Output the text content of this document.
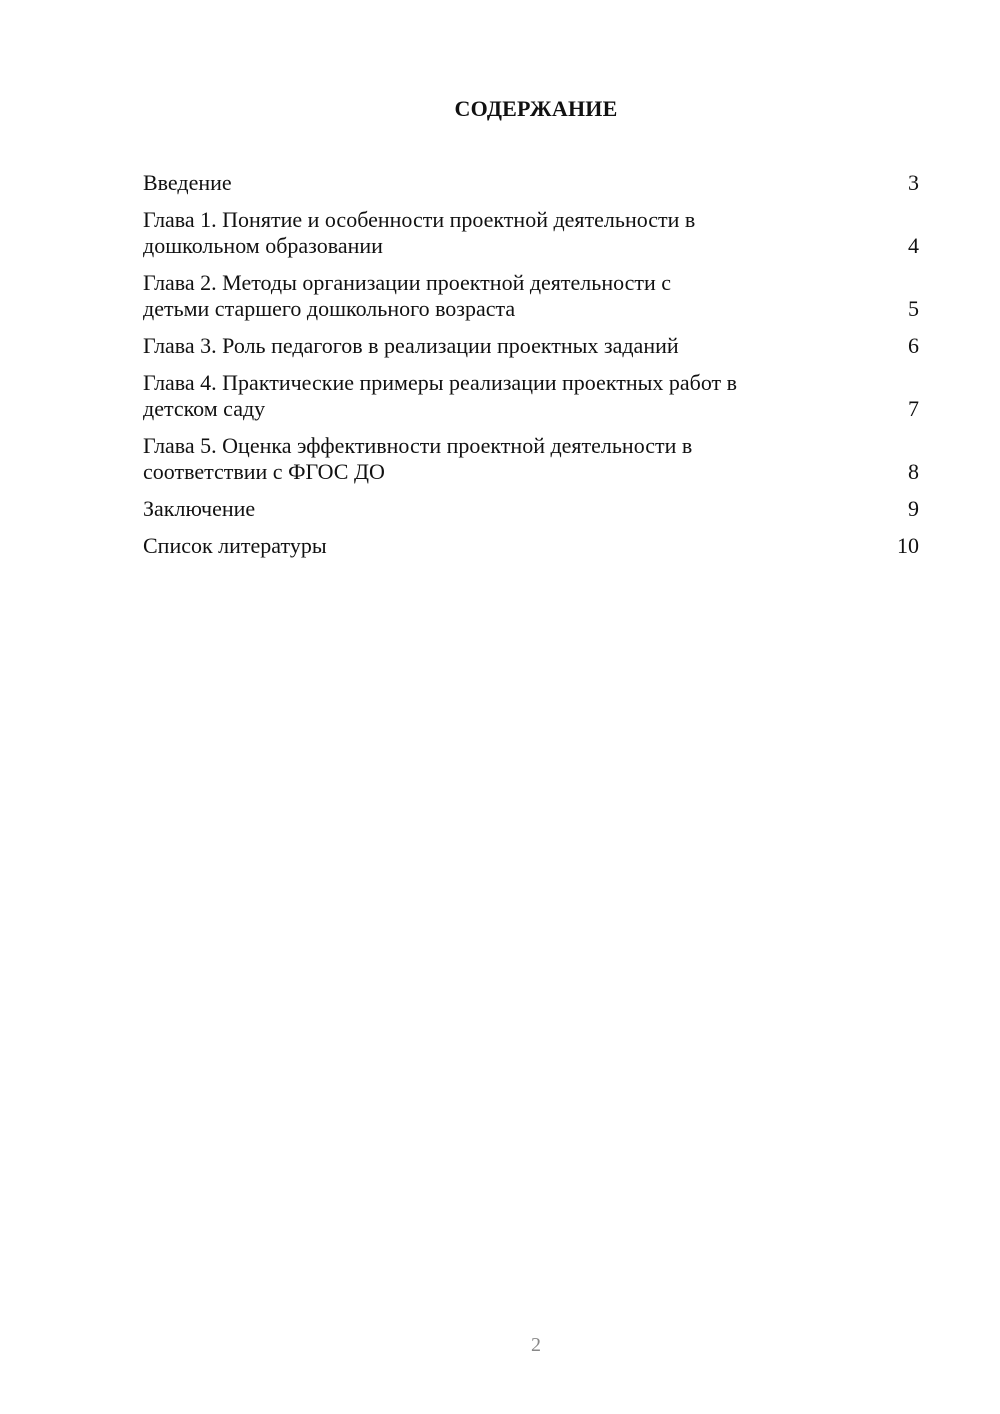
СОДЕРЖАНИЕ
Введение	3
Глава 1. Понятие и особенности проектной деятельности в
дошкольном образовании	4
Глава 2. Методы организации проектной деятельности с
детьми старшего дошкольного возраста	5
Глава 3. Роль педагогов в реализации проектных заданий	6
Глава 4. Практические примеры реализации проектных работ в
детском саду	7
Глава 5. Оценка эффективности проектной деятельности в
соответствии с ФГОС ДО	8
Заключение	9
Список литературы	10
2
